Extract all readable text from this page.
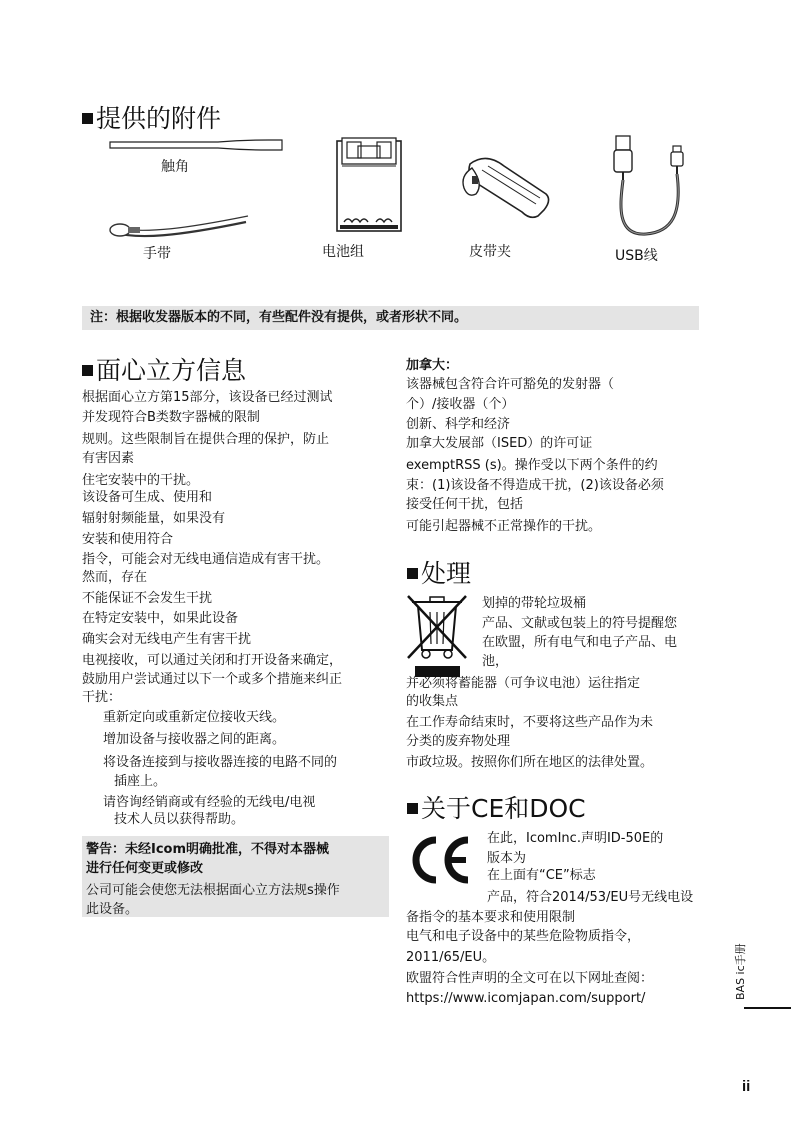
提供的附件
触角
手带	电池组	皮带夹	USB线
注：根据收发器版本的不同，有些配件没有提供，或者形状不同。
面心立方信息
根据面心立方第15部分，该设备已经过测试
并发现符合B类数字器械的限制
规则。这些限制旨在提供合理的保护，防止
有害因素
住宅安装中的干扰。
该设备可生成、使用和
辐射射频能量，如果没有
安装和使用符合
指令，可能会对无线电通信造成有害干扰。
然而，存在
不能保证不会发生干扰
在特定安装中，如果此设备
确实会对无线电产生有害干扰
电视接收，可以通过关闭和打开设备来确定，
鼓励用户尝试通过以下一个或多个措施来纠正
干扰：
重新定向或重新定位接收天线。
增加设备与接收器之间的距离。
将设备连接到与接收器连接的电路不同的
插座上。
请咨询经销商或有经验的无线电/电视
技术人员以获得帮助。
警告：未经Icom明确批准，不得对本器械
进行任何变更或修改
公司可能会使您无法根据面心立方法规s操作
此设备。
加拿大：
该器械包含符合许可豁免的发射器（
个）/接收器（个）
创新、科学和经济
加拿大发展部（ISED）的许可证
exemptRSS (s)。操作受以下两个条件的约
束：(1)该设备不得造成干扰，(2)该设备必须
接受任何干扰，包括
可能引起器械不正常操作的干扰。
处理
划掉的带轮垃圾桶
产品、文献或包装上的符号提醒您
在欧盟，所有电气和电子产品、电
池，
并必须将蓄能器（可争议电池）运往指定
的收集点
在工作寿命结束时，不要将这些产品作为未
分类的废弃物处理
市政垃圾。按照你们所在地区的法律处置。
关于CE和DOC
在此，IcomInc.声明ID-50E的
版本为
在上面有“CE”标志
产品，符合2014/53/EU号无线电设
备指令的基本要求和使用限制
电气和电子设备中的某些危险物质指令，
2011/65/EU。
欧盟符合性声明的全文可在以下网址查阅：
https://www.icomjapan.com/support/	BAS ic手册
ii
